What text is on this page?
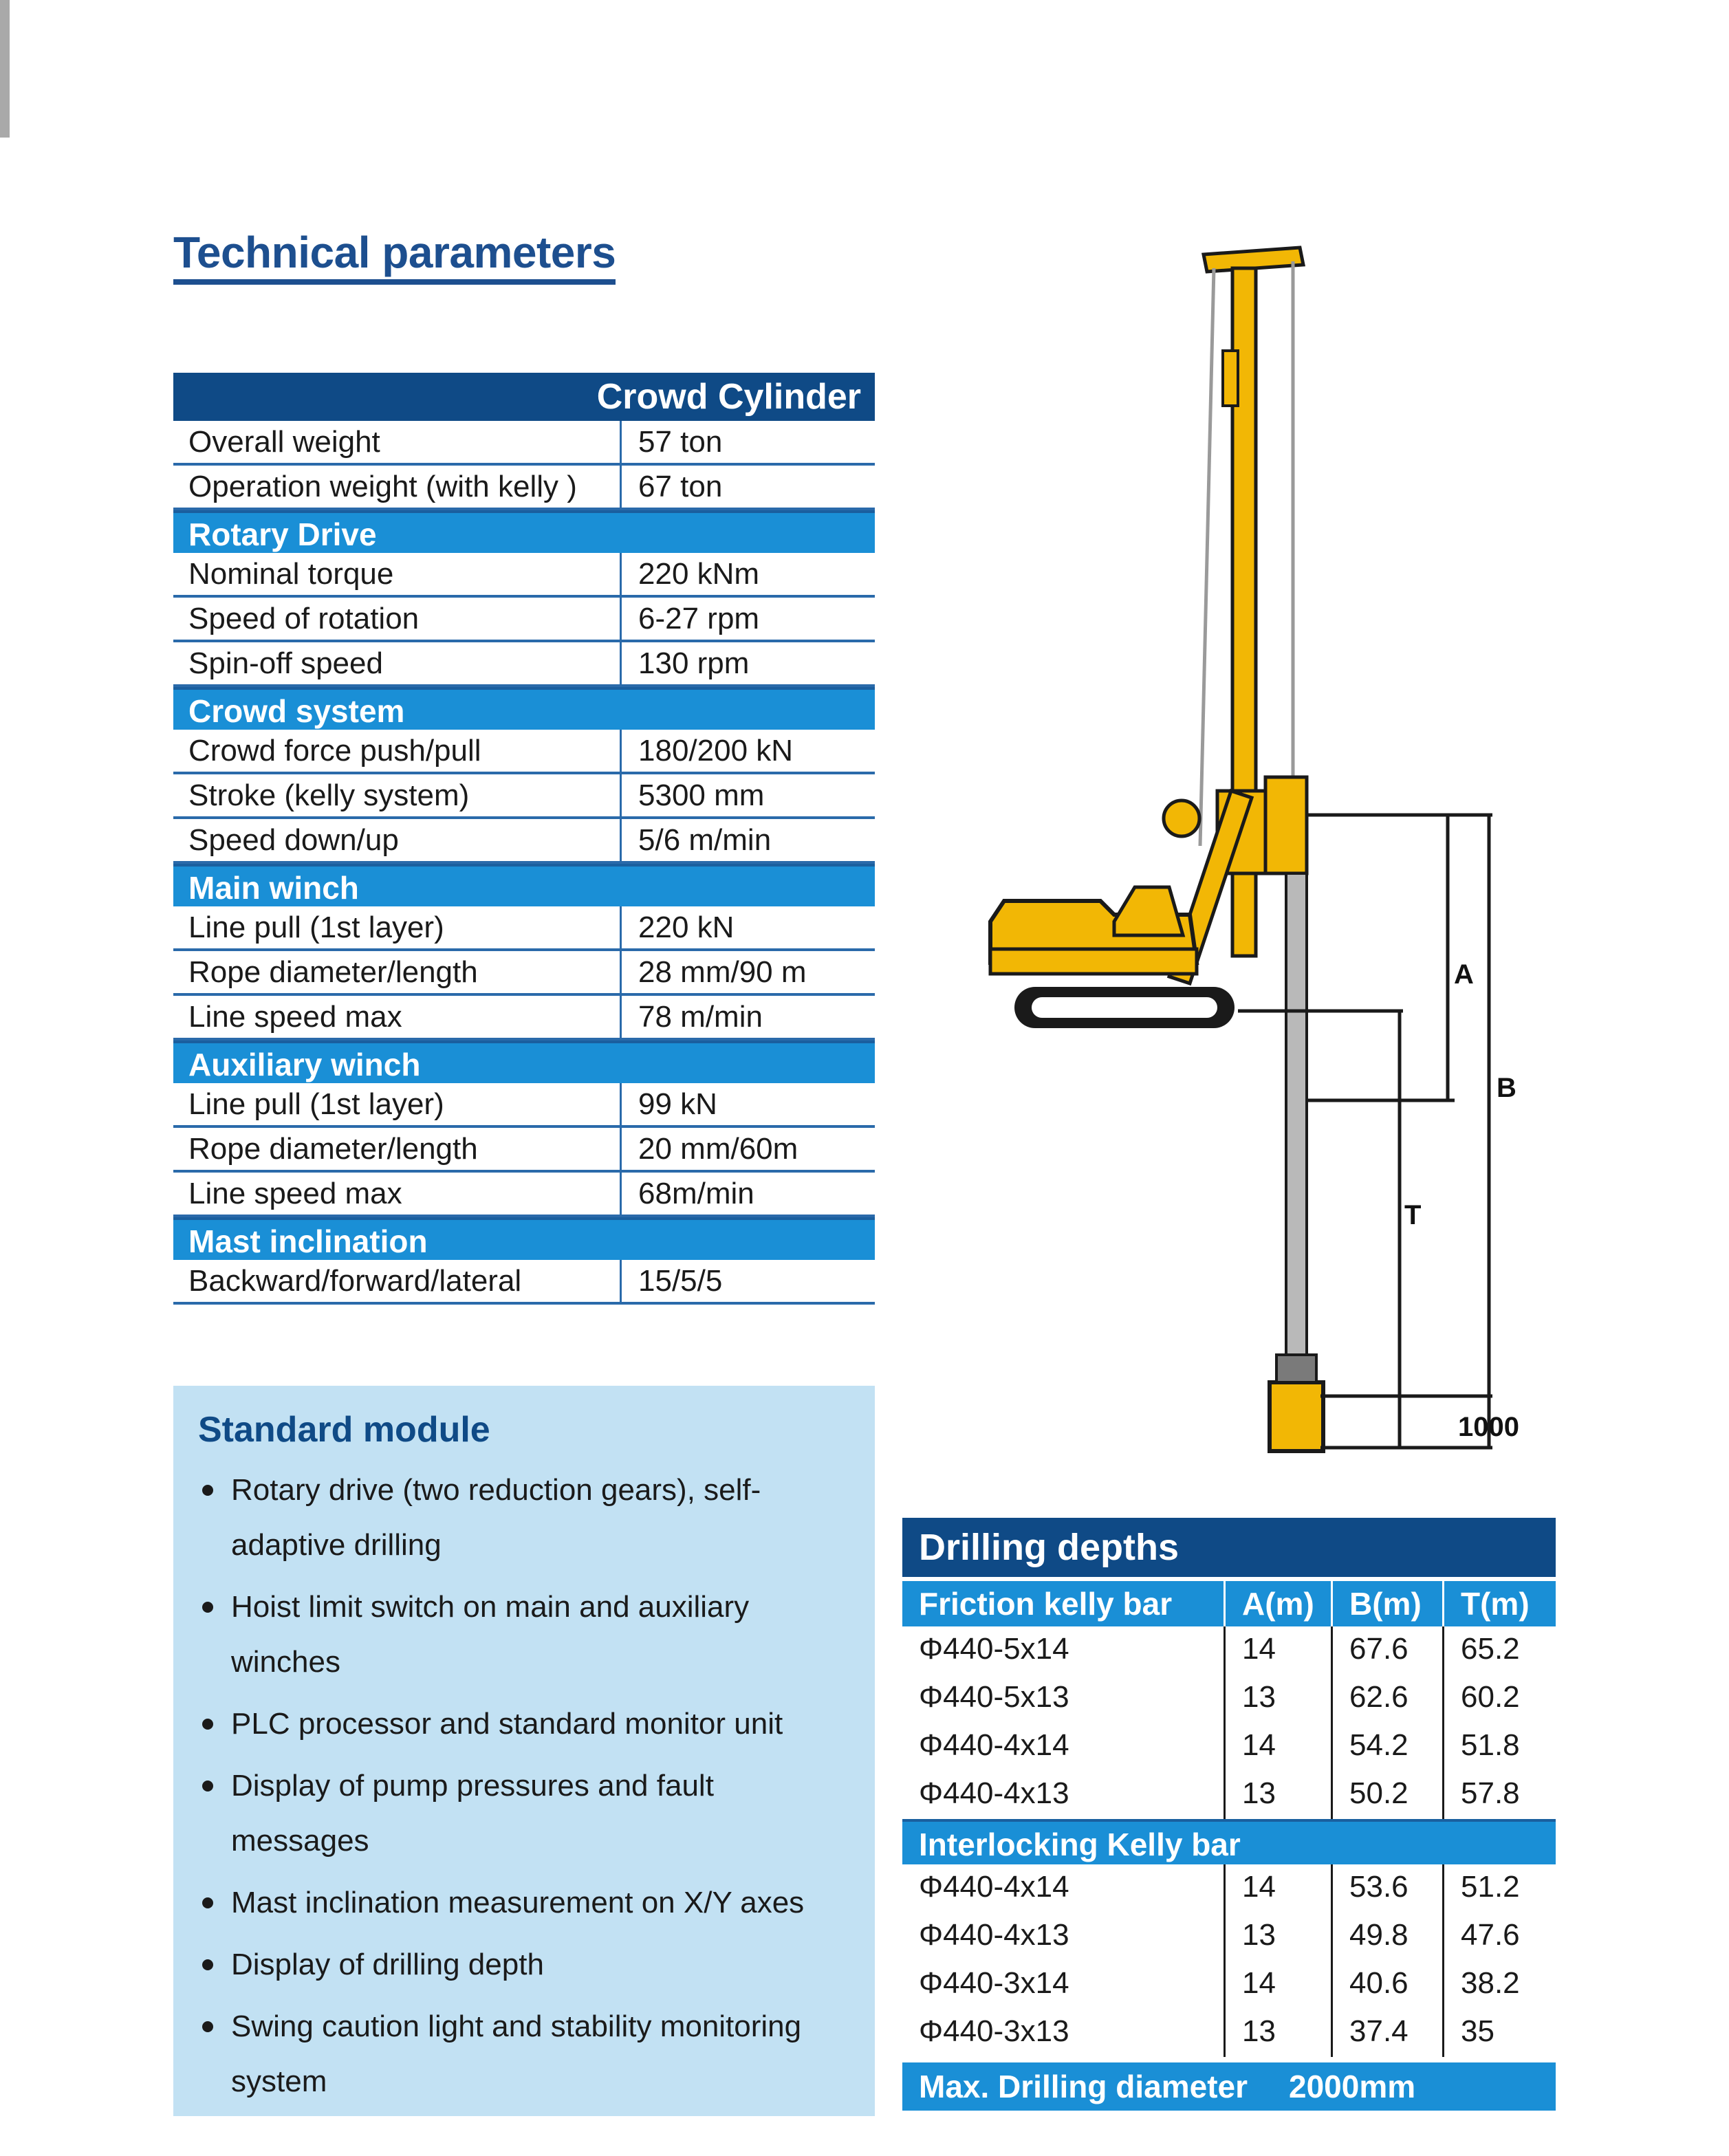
Technical parameters
Crowd Cylinder
Overall weight	57 ton
Operation weight (with kelly )	67 ton
Rotary Drive
Nominal torque	220 kNm
Speed of rotation	6-27 rpm
Spin-off speed	130 rpm
Crowd system
Crowd force push/pull	180/200 kN
Stroke (kelly system)	5300 mm
Speed down/up	5/6 m/min
Main winch
Line pull (1st layer)	220 kN
Rope diameter/length	28 mm/90 m
Line speed max	78 m/min
Auxiliary winch
Line pull (1st layer)	99 kN
Rope diameter/length	20 mm/60m
Line speed max	68m/min
Mast inclination
Backward/forward/lateral	15/5/5
A
B
T
1000
Standard module
Rotary drive (two reduction gears), self-adaptive drilling
Hoist limit switch on main and auxiliary winches
PLC processor and standard monitor unit
Display of pump pressures and fault messages
Mast inclination measurement on X/Y axes
Display of drilling depth
Swing caution light and stability monitoring system
Drilling depths
Friction kelly bar	A(m)	B(m)	T(m)
Φ440-5x14	14	67.6	65.2
Φ440-5x13	13	62.6	60.2
Φ440-4x14	14	54.2	51.8
Φ440-4x13	13	50.2	57.8
Interlocking Kelly bar
Φ440-4x14	14	53.6	51.2
Φ440-4x13	13	49.8	47.6
Φ440-3x14	14	40.6	38.2
Φ440-3x13	13	37.4	35
Max. Drilling diameter 2000mm
